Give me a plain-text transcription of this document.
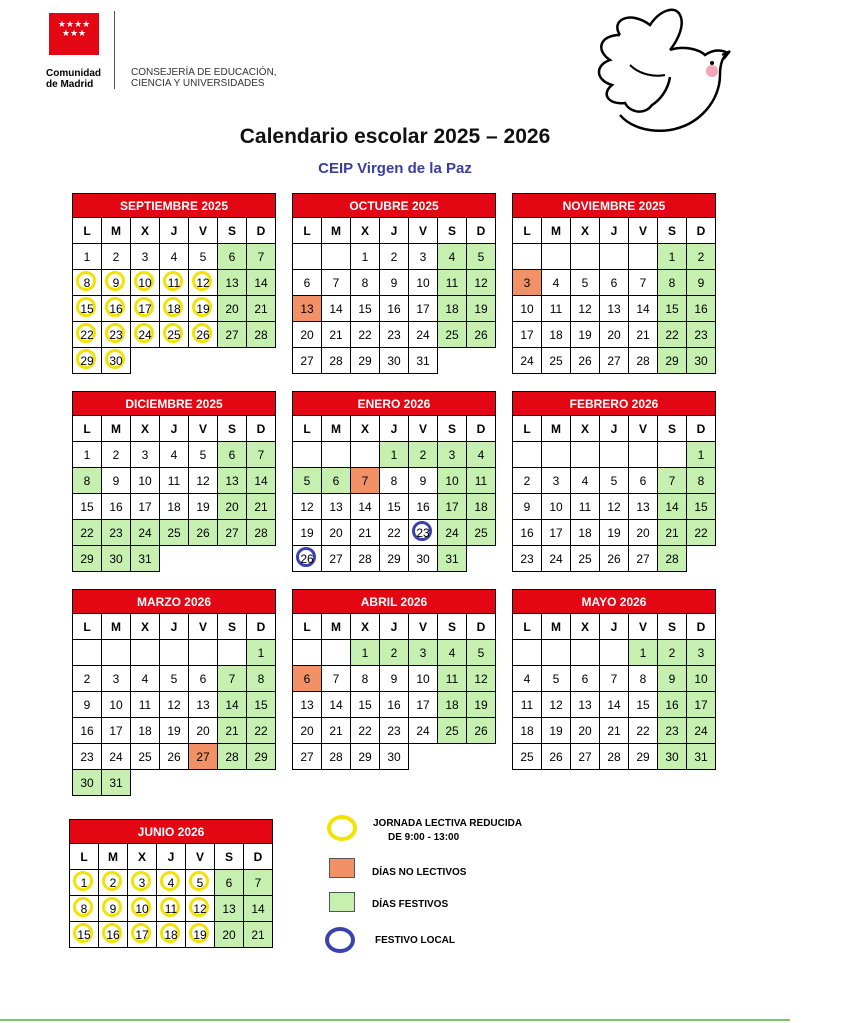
★★★★
★★★
Comunidad
de Madrid
CONSEJERÍA DE EDUCACIÓN,
CIENCIA Y UNIVERSIDADES
Calendario escolar 2025 – 2026
CEIP Virgen de la Paz
SEPTIEMBRE 2025
L	M	X	J	V	S	D
1	2	3	4	5	6	7

8	9	10	11	12	13	14

15	16	17	18	19	20	21

22	23	24	25	26	27	28

29	30					
OCTUBRE 2025
L	M	X	J	V	S	D
		1	2	3	4	5
6	7	8	9	10	11	12
13	14	15	16	17	18	19
20	21	22	23	24	25	26
27	28	29	30	31		
NOVIEMBRE 2025
L	M	X	J	V	S	D
					1	2
3	4	5	6	7	8	9
10	11	12	13	14	15	16
17	18	19	20	21	22	23
24	25	26	27	28	29	30
DICIEMBRE 2025
L	M	X	J	V	S	D
1	2	3	4	5	6	7
8	9	10	11	12	13	14
15	16	17	18	19	20	21
22	23	24	25	26	27	28
29	30	31				
ENERO 2026
L	M	X	J	V	S	D
			1	2	3	4
5	6	7	8	9	10	11
12	13	14	15	16	17	18
19	20	21	22	23	24	25

26	27	28	29	30	31	
FEBRERO 2026
L	M	X	J	V	S	D
						1
2	3	4	5	6	7	8
9	10	11	12	13	14	15
16	17	18	19	20	21	22
23	24	25	26	27	28	
MARZO 2026
L	M	X	J	V	S	D
						1
2	3	4	5	6	7	8
9	10	11	12	13	14	15
16	17	18	19	20	21	22
23	24	25	26	27	28	29
30	31					
ABRIL 2026
L	M	X	J	V	S	D
		1	2	3	4	5
6	7	8	9	10	11	12
13	14	15	16	17	18	19
20	21	22	23	24	25	26
27	28	29	30			
MAYO 2026
L	M	X	J	V	S	D
				1	2	3
4	5	6	7	8	9	10
11	12	13	14	15	16	17
18	19	20	21	22	23	24
25	26	27	28	29	30	31
JUNIO 2026
L	M	X	J	V	S	D

1	2	3	4	5	6	7

8	9	10	11	12	13	14

15	16	17	18	19	20	21
JORNADA LECTIVA REDUCIDA
DE 9:00 - 13:00
DÍAS NO LECTIVOS
DÍAS FESTIVOS
FESTIVO LOCAL
